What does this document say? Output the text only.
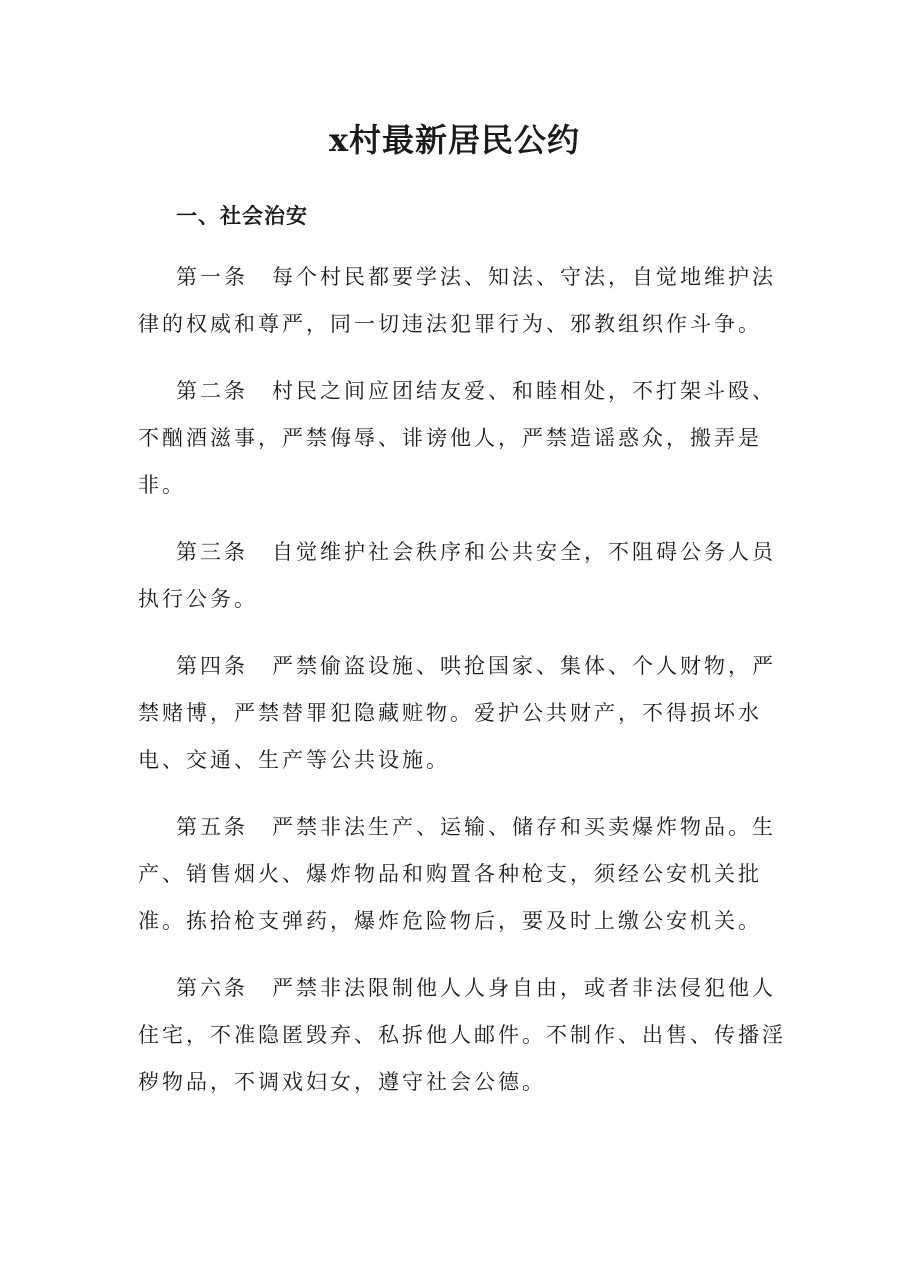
x村最新居民公约
一、社会治安

第一条 每个村民都要学法、知法、守法，自觉地维护法律的权威和尊严，同一切违法犯罪行为、邪教组织作斗争。

第二条 村民之间应团结友爱、和睦相处，不打架斗殴、不酗酒滋事，严禁侮辱、诽谤他人，严禁造谣惑众，搬弄是非。

第三条 自觉维护社会秩序和公共安全，不阻碍公务人员执行公务。

第四条 严禁偷盗设施、哄抢国家、集体、个人财物，严禁赌博，严禁替罪犯隐藏赃物。爱护公共财产，不得损坏水电、交通、生产等公共设施。

第五条 严禁非法生产、运输、储存和买卖爆炸物品。生产、销售烟火、爆炸物品和购置各种枪支，须经公安机关批准。拣拾枪支弹药，爆炸危险物后，要及时上缴公安机关。

第六条 严禁非法限制他人人身自由，或者非法侵犯他人住宅，不准隐匿毁弃、私拆他人邮件。不制作、出售、传播淫秽物品，不调戏妇女，遵守社会公德。
